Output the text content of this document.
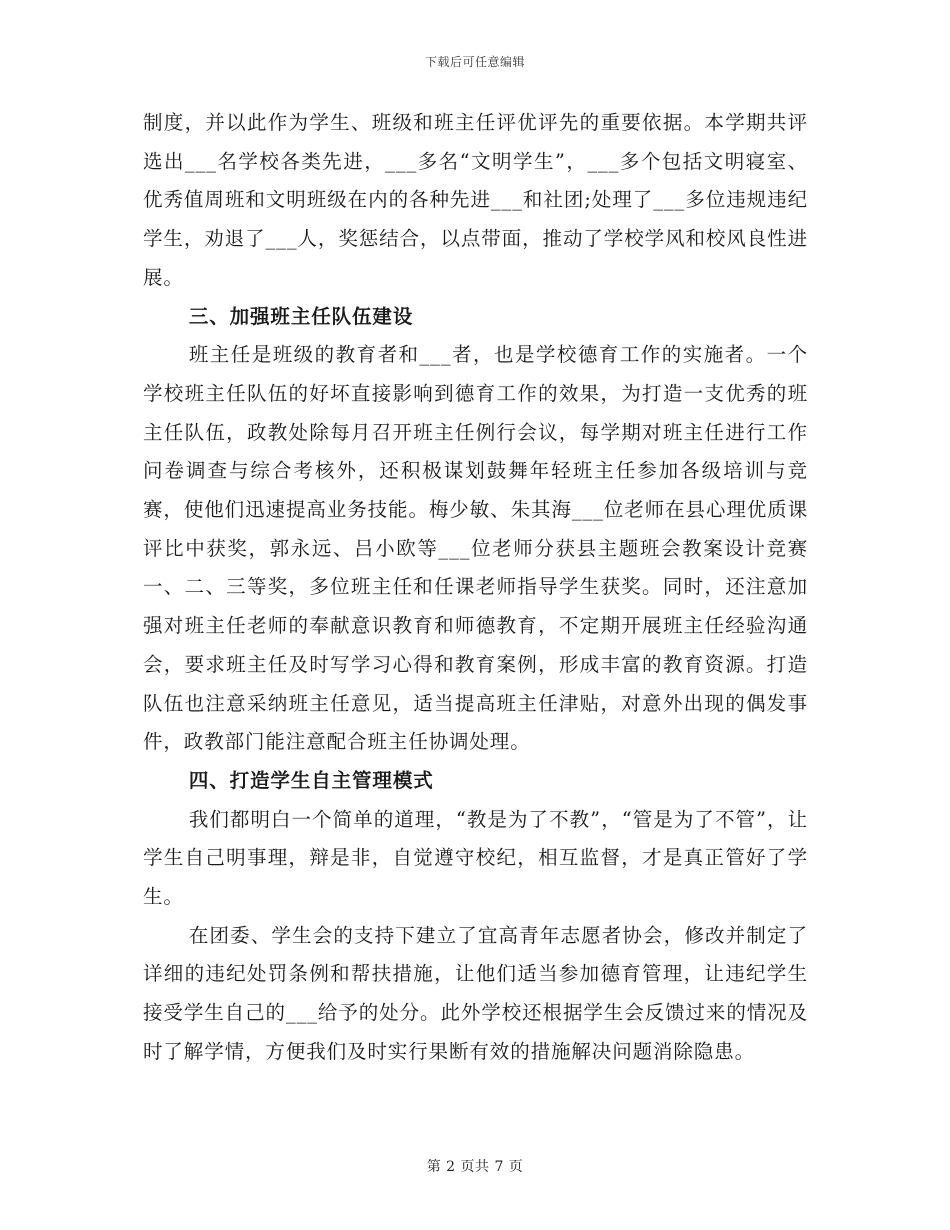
下载后可任意编辑

制度，并以此作为学生、班级和班主任评优评先的重要依据。本学期共评选出___名学校各类先进，___多名“文明学生”，___多个包括文明寝室、优秀值周班和文明班级在内的各种先进___和社团;处理了___多位违规违纪学生，劝退了___人，奖惩结合，以点带面，推动了学校学风和校风良性进展。

三、加强班主任队伍建设

班主任是班级的教育者和___者，也是学校德育工作的实施者。一个学校班主任队伍的好坏直接影响到德育工作的效果，为打造一支优秀的班主任队伍，政教处除每月召开班主任例行会议，每学期对班主任进行工作问卷调查与综合考核外，还积极谋划鼓舞年轻班主任参加各级培训与竞赛，使他们迅速提高业务技能。梅少敏、朱其海___位老师在县心理优质课评比中获奖，郭永远、吕小欧等___位老师分获县主题班会教案设计竞赛一、二、三等奖，多位班主任和任课老师指导学生获奖。同时，还注意加强对班主任老师的奉献意识教育和师德教育，不定期开展班主任经验沟通会，要求班主任及时写学习心得和教育案例，形成丰富的教育资源。打造队伍也注意采纳班主任意见，适当提高班主任津贴，对意外出现的偶发事件，政教部门能注意配合班主任协调处理。

四、打造学生自主管理模式

我们都明白一个简单的道理，“教是为了不教”，“管是为了不管”，让学生自己明事理，辩是非，自觉遵守校纪，相互监督，才是真正管好了学生。

在团委、学生会的支持下建立了宜高青年志愿者协会，修改并制定了详细的违纪处罚条例和帮扶措施，让他们适当参加德育管理，让违纪学生接受学生自己的___给予的处分。此外学校还根据学生会反馈过来的情况及时了解学情，方便我们及时实行果断有效的措施解决问题消除隐患。

第 2 页共 7 页
